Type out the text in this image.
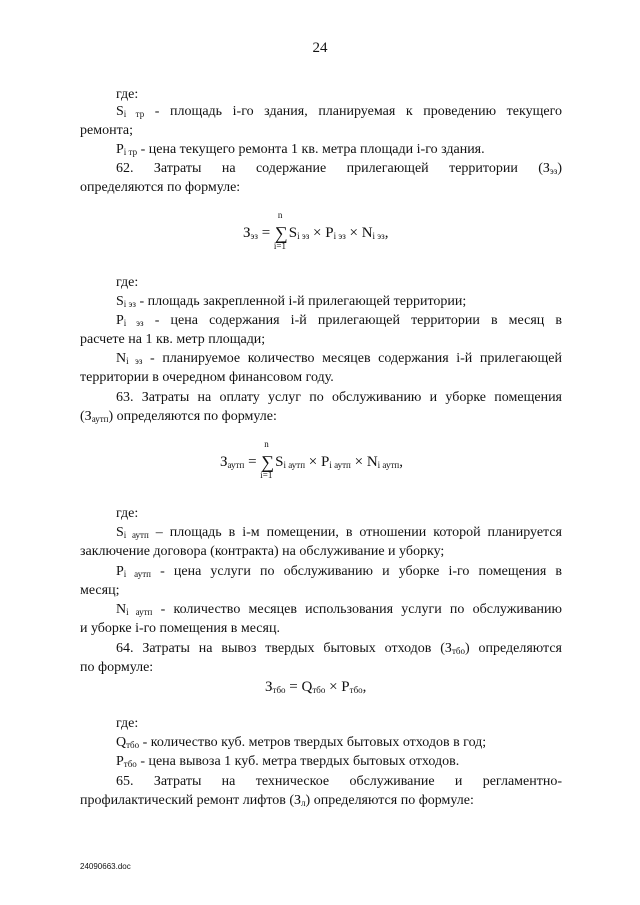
24
где:
$S_{i тр}$ - площадь i-го здания, планируемая к проведению текущего
ремонта;
$P_{i тр}$ - цена текущего ремонта 1 кв. метра площади i-го здания.
62. Затраты на содержание прилегающей территории $(З_{эз})$
определяются по формуле:
$З_{эз}$ = ∑
n
i=1
$S_{i эз} \times P_{i эз} \times N_{i эз}$,
где:
$S_{i эз}$ - площадь закрепленной i-й прилегающей территории;
$P_{i эз}$ - цена содержания i-й прилегающей территории в месяц в
расчете на 1 кв. метр площади;
$N_{i эз}$ - планируемое количество месяцев содержания i-й прилегающей
территории в очередном финансовом году.
63. Затраты на оплату услуг по обслуживанию и уборке помещения
$(З_{аутп})$ определяются по формуле:
$З_{аутп}$ = ∑
n
i=1
$S_{i аутп} \times P_{i аутп} \times N_{i аутп}$,
где:
$S_{i аутп}$ – площадь в i-м помещении, в отношении которой планируется
заключение договора (контракта) на обслуживание и уборку;
$P_{i аутп}$ - цена услуги по обслуживанию и уборке i-го помещения в
месяц;
$N_{i аутп}$ - количество месяцев использования услуги по обслуживанию
и уборке i-го помещения в месяц.
64. Затраты на вывоз твердых бытовых отходов $(З_{тбо})$ определяются
по формуле:
$З_{тбо} = Q_{тбо} \times P_{тбо}$,
где:
$Q_{тбо}$ - количество куб. метров твердых бытовых отходов в год;
$P_{тбо}$ - цена вывоза 1 куб. метра твердых бытовых отходов.
65. Затраты на техническое обслуживание и регламентно-
профилактический ремонт лифтов $(З_л)$ определяются по формуле:
24090663.doc
